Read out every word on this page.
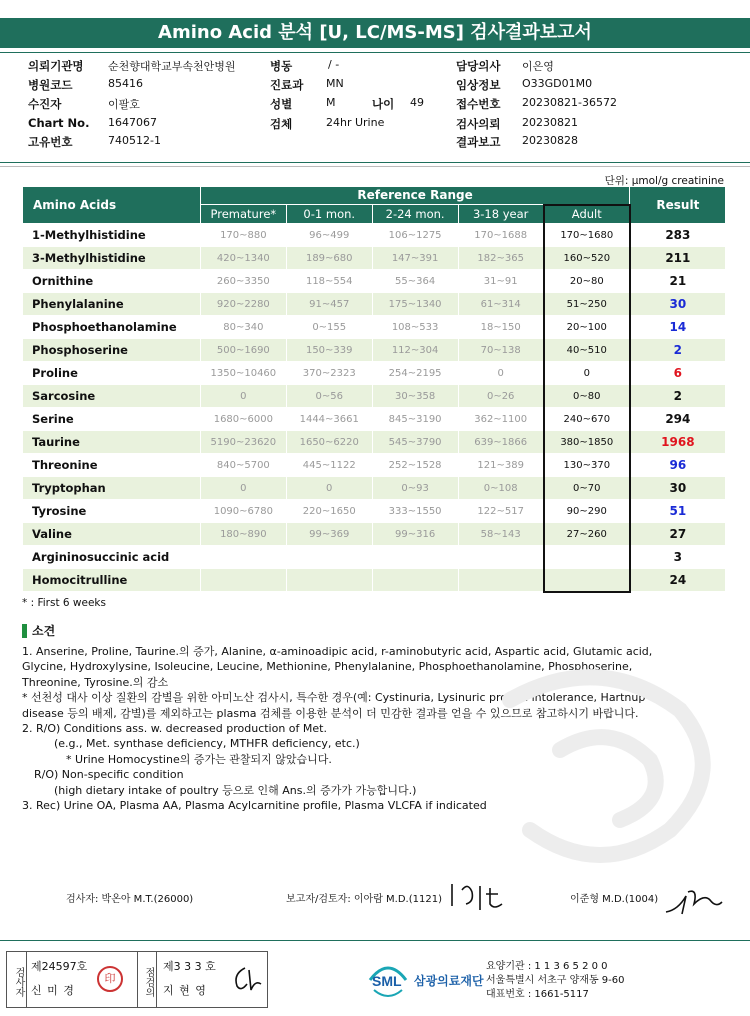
Amino Acid 분석 [U, LC/MS-MS] 검사결과보고서
의뢰기관명 순천향대학교부속천안병원
병원코드	85416
수진자	이팔호
Chart No. 1647067
고유번호	740512-1
병동	/ -
진료과 MN
성별	M	나이 49
검체	24hr Urine
담당의사 이은영
임상정보 O33GD01M0
접수번호 20230821-36572
검사의뢰 20230821
결과보고 20230828
단위: µmol/g creatinine
Amino Acids	Reference Range					Result
	Premature*	0-1 mon.	2-24 mon.	3-18 year	Adult	
1-Methylhistidine	170~880	96~499	106~1275	170~1688	170~1680	283
3-Methylhistidine	420~1340	189~680	147~391	182~365	160~520	211
Ornithine	260~3350	118~554	55~364	31~91	20~80	21
Phenylalanine	920~2280	91~457	175~1340	61~314	51~250	30
Phosphoethanolamine	80~340	0~155	108~533	18~150	20~100	14
Phosphoserine	500~1690	150~339	112~304	70~138	40~510	2
Proline	1350~10460	370~2323	254~2195	0	0	6
Sarcosine	0	0~56	30~358	0~26	0~80	2
Serine	1680~6000	1444~3661	845~3190	362~1100	240~670	294
Taurine	5190~23620	1650~6220	545~3790	639~1866	380~1850	1968
Threonine	840~5700	445~1122	252~1528	121~389	130~370	96
Tryptophan	0	0	0~93	0~108	0~70	30
Tyrosine	1090~6780	220~1650	333~1550	122~517	90~290	51
Valine	180~890	99~369	99~316	58~143	27~260	27
Argininosuccinic acid						3
Homocitrulline						24
* : First 6 weeks
소견
1. Anserine, Proline, Taurine.의 증가, Alanine, α-aminoadipic acid, r-aminobutyric acid, Aspartic acid, Glutamic acid,
Glycine, Hydroxylysine, Isoleucine, Leucine, Methionine, Phenylalanine, Phosphoethanolamine, Phosphoserine,
Threonine, Tyrosine.의 감소
* 선천성 대사 이상 질환의 감별을 위한 아미노산 검사시, 특수한 경우(예: Cystinuria, Lysinuric protein intolerance, Hartnup
disease 등의 배제, 감별)를 제외하고는 plasma 검체를 이용한 분석이 더 민감한 결과를 얻을 수 있으므로 참고하시기 바랍니다.
2. R/O) Conditions ass. w. decreased production of Met.
(e.g., Met. synthase deficiency, MTHFR deficiency, etc.)
* Urine Homocystine의 증가는 관찰되지 않았습니다.
R/O) Non-specific condition
(high dietary intake of poultry 등으로 인해 Ans.의 증가가 가능합니다.)
3. Rec) Urine OA, Plasma AA, Plasma Acylcarnitine profile, Plasma VLCFA if indicated
검사자: 박온아 M.T.(26000)	보고자/검토자: 이아람 M.D.(1121)	이준형 M.D.(1004)
검사자 제24597호
신 미 경
印	점검의 제3 3 3 호
지 현 영
SML 삼광의료재단
요양기관 : 1 1 3 6 5 2 0 0
서울특별시 서초구 양재동 9-60
대표번호 : 1661-5117
